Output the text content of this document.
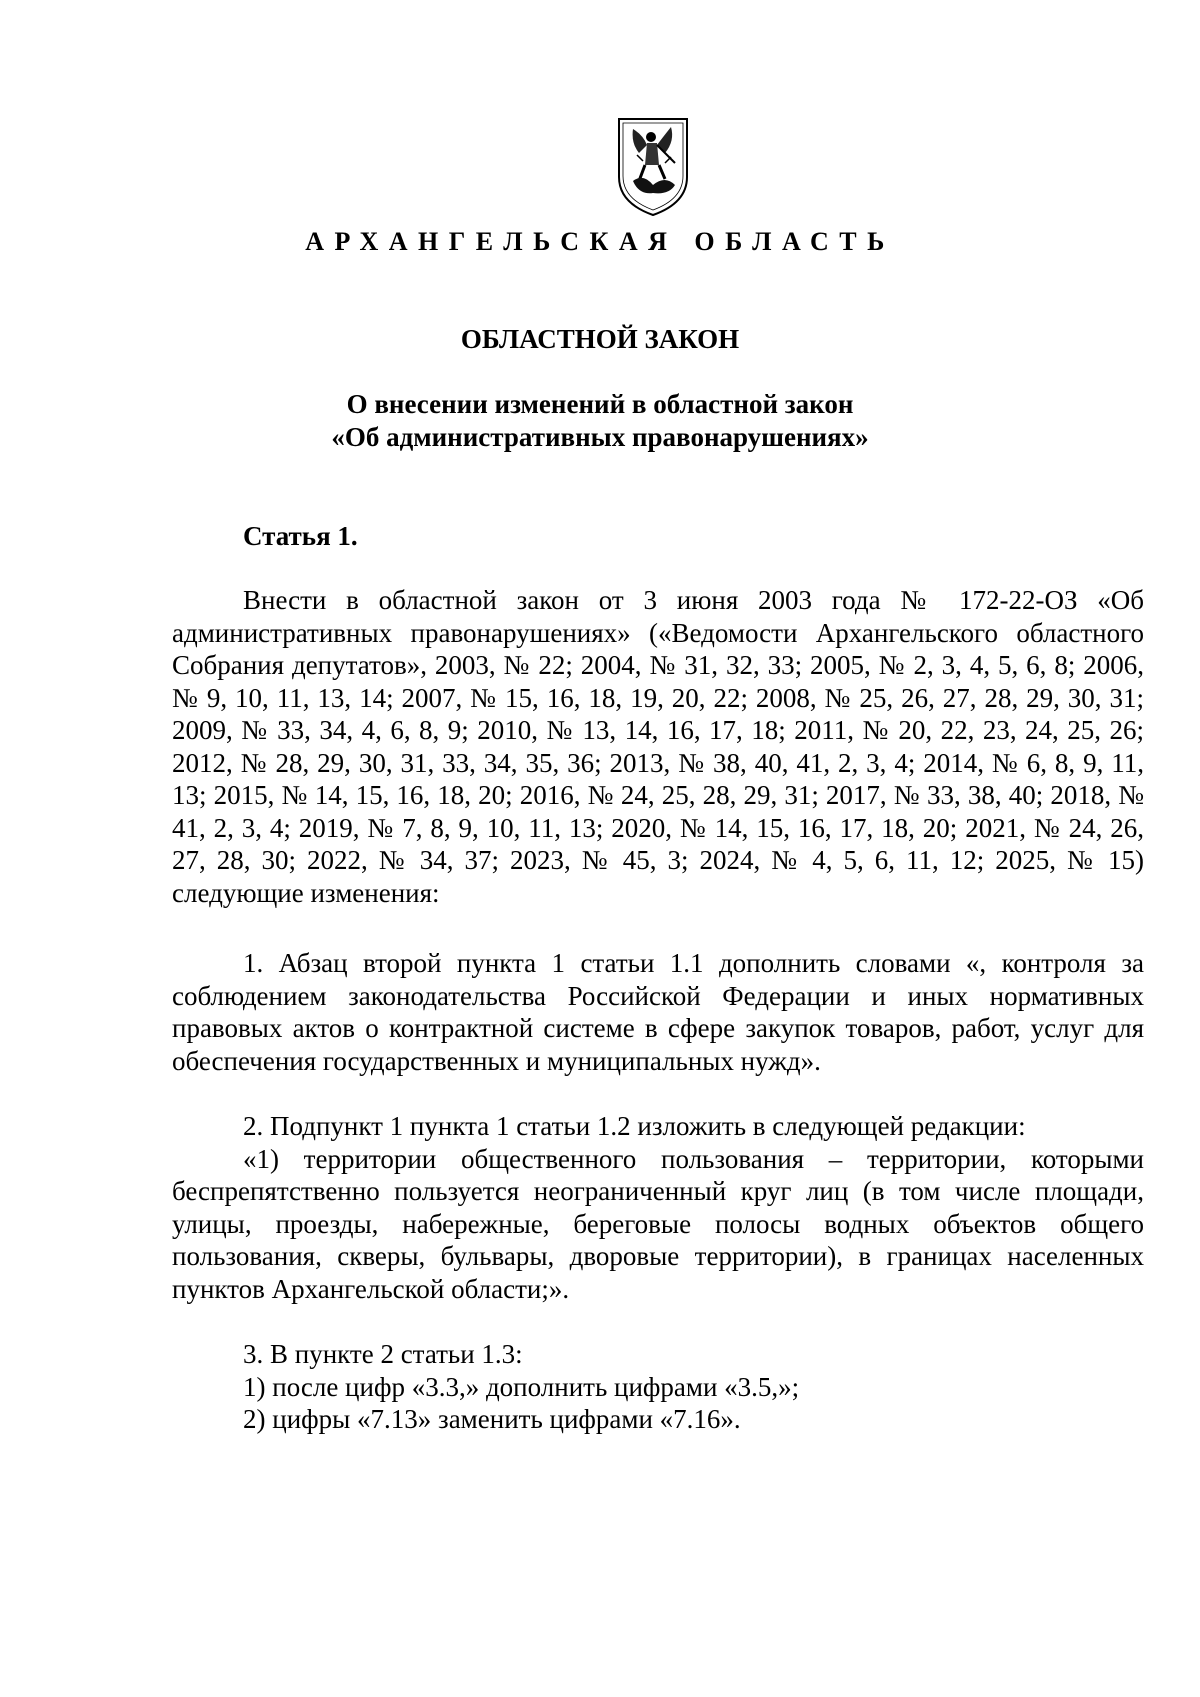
АРХАНГЕЛЬСКАЯ ОБЛАСТЬ
ОБЛАСТНОЙ ЗАКОН
О внесении изменений в областной закон
«Об административных правонарушениях»
Статья 1.

Внести в областной закон от 3 июня 2003 года № 172-22-ОЗ «Об административных правонарушениях» («Ведомости Архангельского областного Собрания депутатов», 2003, № 22; 2004, № 31, 32, 33; 2005, № 2, 3, 4, 5, 6, 8; 2006, № 9, 10, 11, 13, 14; 2007, № 15, 16, 18, 19, 20, 22; 2008, № 25, 26, 27, 28, 29, 30, 31; 2009, № 33, 34, 4, 6, 8, 9; 2010, № 13, 14, 16, 17, 18; 2011, № 20, 22, 23, 24, 25, 26; 2012, № 28, 29, 30, 31, 33, 34, 35, 36; 2013, № 38, 40, 41, 2, 3, 4; 2014, № 6, 8, 9, 11, 13; 2015, № 14, 15, 16, 18, 20; 2016, № 24, 25, 28, 29, 31; 2017, № 33, 38, 40; 2018, № 41, 2, 3, 4; 2019, № 7, 8, 9, 10, 11, 13; 2020, № 14, 15, 16, 17, 18, 20; 2021, № 24, 26, 27, 28, 30; 2022, № 34, 37; 2023, № 45, 3; 2024, № 4, 5, 6, 11, 12; 2025, № 15) следующие изменения:

1. Абзац второй пункта 1 статьи 1.1 дополнить словами «, контроля за соблюдением законодательства Российской Федерации и иных нормативных правовых актов о контрактной системе в сфере закупок товаров, работ, услуг для обеспечения государственных и муниципальных нужд».

2. Подпункт 1 пункта 1 статьи 1.2 изложить в следующей редакции:

«1) территории общественного пользования – территории, которыми беспрепятственно пользуется неограниченный круг лиц (в том числе площади, улицы, проезды, набережные, береговые полосы водных объектов общего пользования, скверы, бульвары, дворовые территории), в границах населенных пунктов Архангельской области;».

3. В пункте 2 статьи 1.3:

1) после цифр «3.3,» дополнить цифрами «3.5,»;

2) цифры «7.13» заменить цифрами «7.16».
